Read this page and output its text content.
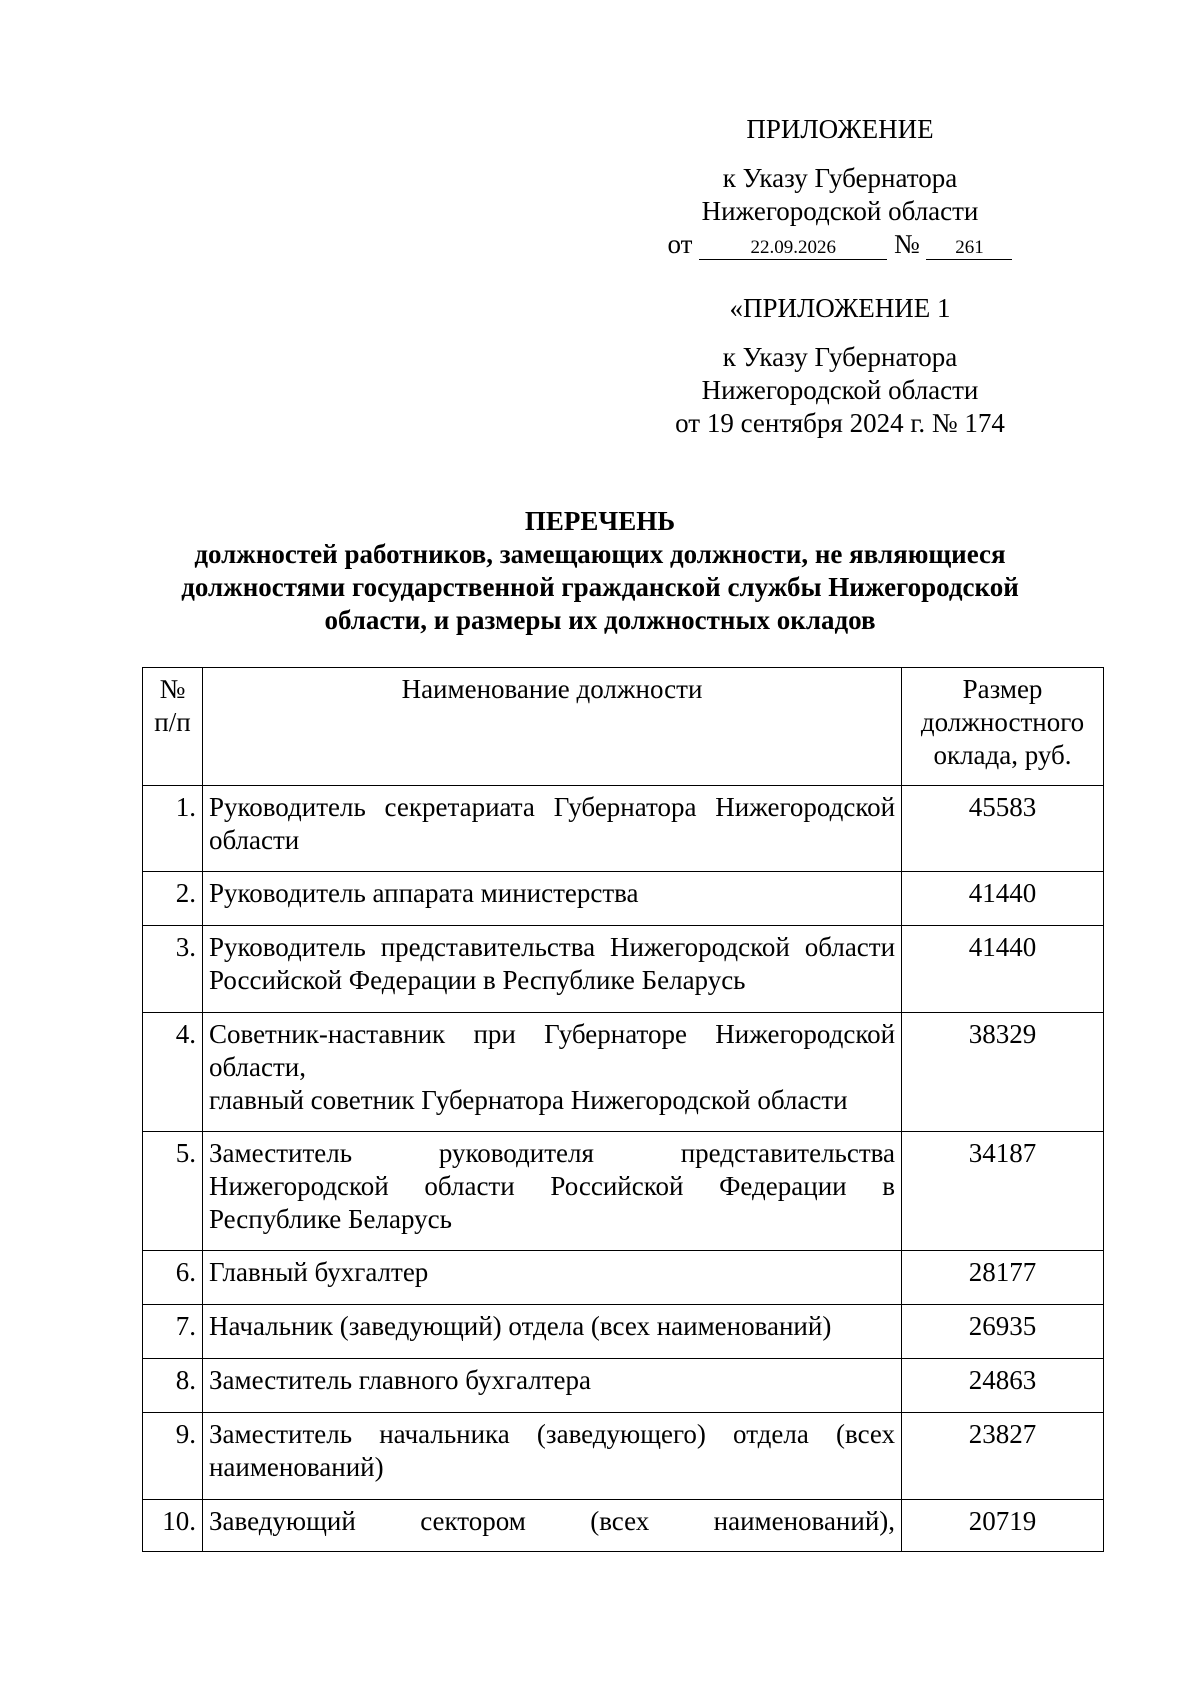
ПРИЛОЖЕНИЕ
к Указу Губернатора
Нижегородской области
от	22.09.2026 № 261
«ПРИЛОЖЕНИЕ 1
к Указу Губернатора
Нижегородской области
от 19 сентября 2024 г. № 174
ПЕРЕЧЕНЬ
должностей работников, замещающих должности, не являющиеся
должностями государственной гражданской службы Нижегородской
области, и размеры их должностных окладов
№ п/п	Наименование должности	Размер должностного оклада, руб.
1.	Руководитель секретариата Губернатора Нижегородской области	45583
2.	Руководитель аппарата министерства	41440
3.	Руководитель представительства Нижегородской области Российской Федерации в Республике Беларусь	41440
4.	Советник-наставник при Губернаторе Нижегородской области,
главный советник Губернатора Нижегородской области	38329
5.	Заместитель руководителя представительства Нижегородской области Российской Федерации в Республике Беларусь	34187
6.	Главный бухгалтер	28177
7.	Начальник (заведующий) отдела (всех наименований)	26935
8.	Заместитель главного бухгалтера	24863
9.	Заместитель начальника (заведующего) отдела (всех наименований)	23827
10.	Заведующий сектором (всех наименований),	20719
